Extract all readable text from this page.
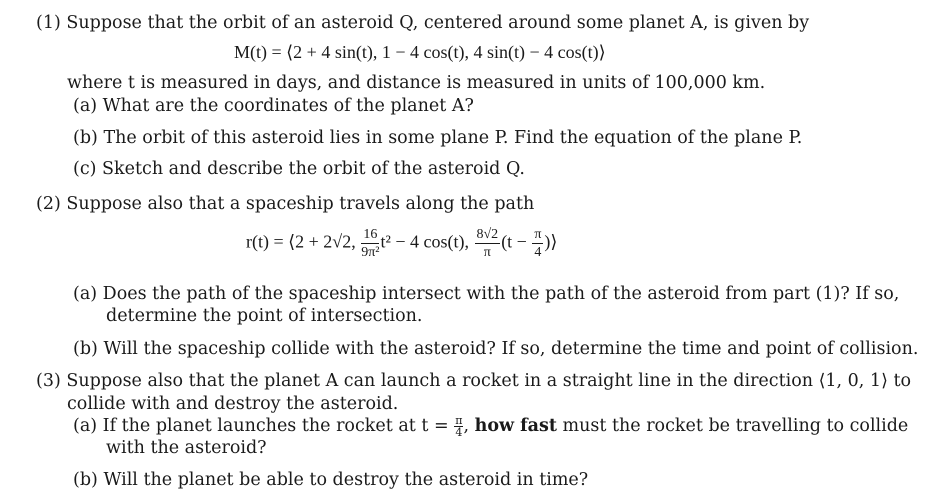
(1) Suppose that the orbit of an asteroid Q, centered around some planet A, is given by
M(t) = ⟨2 + 4 sin(t), 1 − 4 cos(t), 4 sin(t) − 4 cos(t)⟩
where t is measured in days, and distance is measured in units of 100,000 km.
(a) What are the coordinates of the planet A?
(b) The orbit of this asteroid lies in some plane P. Find the equation of the plane P.
(c) Sketch and describe the orbit of the asteroid Q.
(2) Suppose also that a spaceship travels along the path
r(t) = ⟨2 + 2√2, $\frac{16}{\text{9π²}} t^2 - 4$ cos(t), $\frac{8√2}{\pi} (t - \frac{\pi}{4}$ )⟩
(a) Does the path of the spaceship intersect with the path of the asteroid from part (1)? If so,
determine the point of intersection.
(b) Will the spaceship collide with the asteroid? If so, determine the time and point of collision.
(3) Suppose also that the planet A can launch a rocket in a straight line in the direction ⟨1, 0, 1⟩ to
collide with and destroy the asteroid.
(a) If the planet launches the rocket at $t = \frac{\pi}{4}$ , how fast must the rocket be travelling to collide
with the asteroid?
(b) Will the planet be able to destroy the asteroid in time?
